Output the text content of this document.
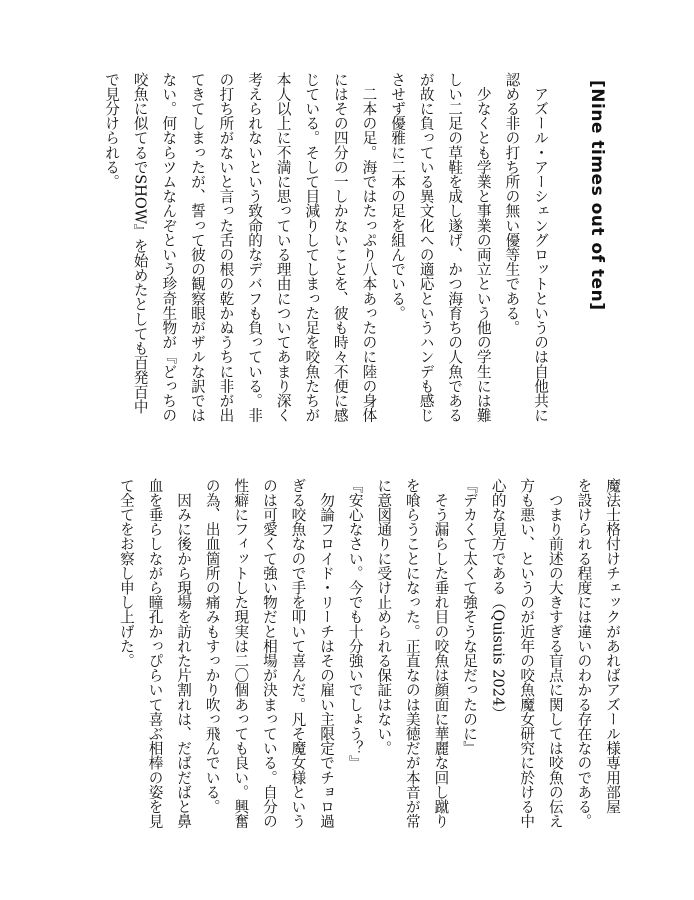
[Nine times out of ten]
　アズール・アーシェングロットというのは自他共に
認める非の打ち所の無い優等生である。
　少なくとも学業と事業の両立という他の学生には難
しい二足の草鞋を成し遂げ、かつ海育ちの人魚である
が故に負っている異文化への適応というハンデも感じ
させず優雅に二本の足を組んでいる。
　二本の足。海ではたっぷり八本あったのに陸の身体
にはその四分の一しかないことを、彼も時々不便に感
じている。そして目減りしてしまった足を咬魚たちが
本人以上に不満に思っている理由についてあまり深く
考えられないという致命的なデバフも負っている。非
の打ち所がないと言った舌の根の乾かぬうちに非が出
てきてしまったが、誓って彼の観察眼がザルな訳では
ない。何ならツムなんぞという珍奇生物が『どっちの
咬魚に似てるでSHOW』を始めたとしても百発百中
で見分けられる。
魔法士格付けチェックがあればアズール様専用部屋
を設けられる程度には違いのわかる存在なのである。
　つまり前述の大きすぎる盲点に関しては咬魚の伝え
方も悪い、というのが近年の咬魚魔女研究に於ける中
心的な見方である（Quisuis 2024）
『デカくて太くて強そうな足だったのに』
　そう漏らした垂れ目の咬魚は顔面に華麗な回し蹴り
を喰らうことになった。正直なのは美徳だが本音が常
に意図通りに受け止められる保証はない。
『安心なさい。今でも十分強いでしょう？』
　勿論フロイド・リーチはその雇い主限定でチョロ過
ぎる咬魚なので手を叩いて喜んだ。凡そ魔女様という
のは可愛くて強い物だと相場が決まっている。自分の
性癖にフィットした現実は二〇個あっても良い。興奮
の為、出血箇所の痛みもすっかり吹っ飛んでいる。
　因みに後から現場を訪れた片割れは、だばだばと鼻
血を垂らしながら瞳孔かっぴらいて喜ぶ相棒の姿を見
て全てをお察し申し上げた。
